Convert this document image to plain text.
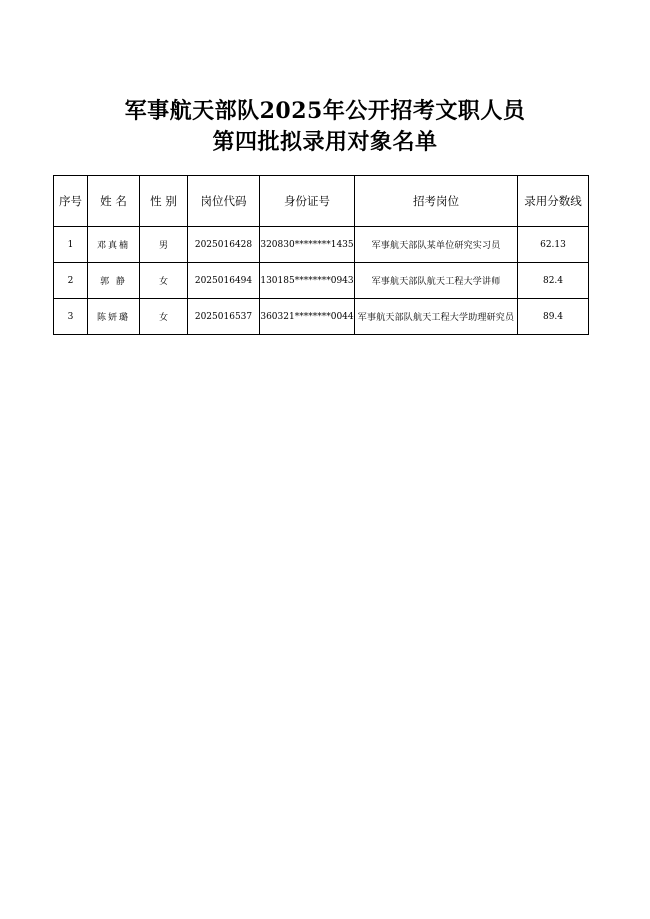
军事航天部队2025年公开招考文职人员
第四批拟录用对象名单
序号	姓 名	性 别	岗位代码	身份证号	招考岗位	录用分数线
1	邓真楠	男	2025016428	320830********1435	军事航天部队某单位研究实习员	62.13
2	郭 静	女	2025016494	130185********0943	军事航天部队航天工程大学讲师	82.4
3	陈妍璐	女	2025016537	360321********0044	军事航天部队航天工程大学助理研究员	89.4
